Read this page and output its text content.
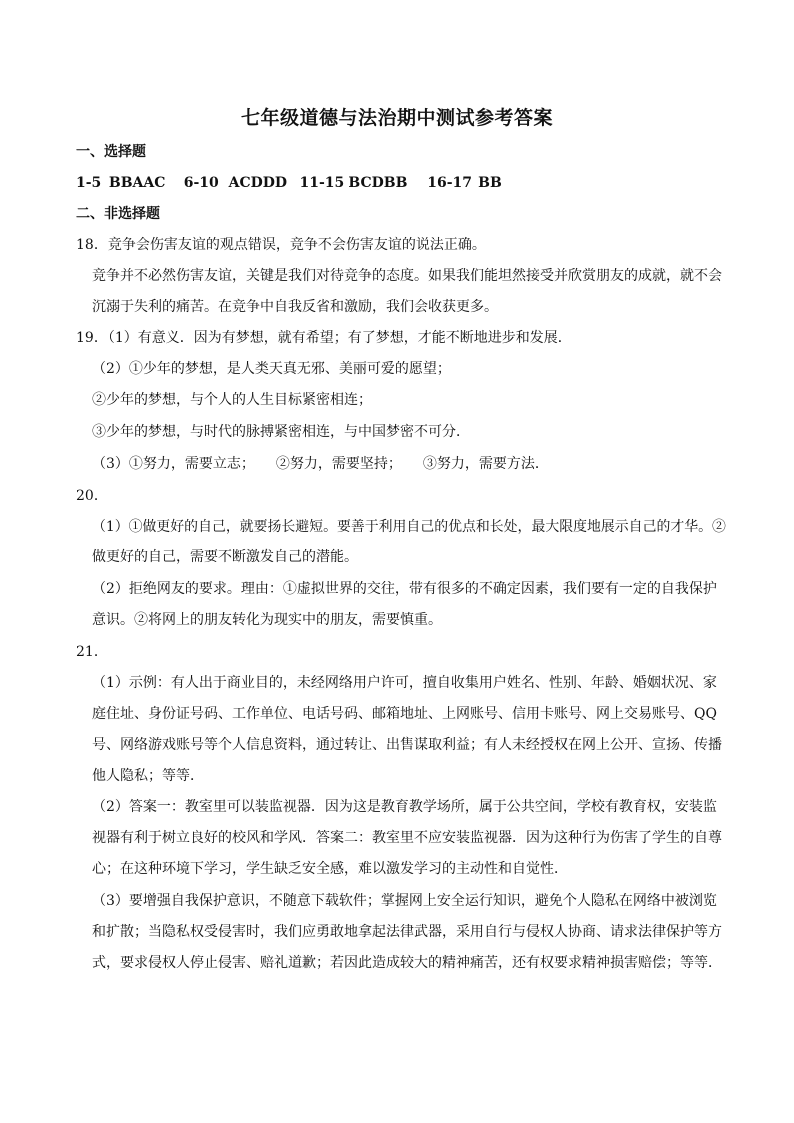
七年级道德与法治期中测试参考答案
一、选择题
1-5 BBAAC 6-10 ACDDD 11-15 BCDBB 16-17 BB
二、非选择题
18．竞争会伤害友谊的观点错误，竞争不会伤害友谊的说法正确。
竞争并不必然伤害友谊，关键是我们对待竞争的态度。如果我们能坦然接受并欣赏朋友的成就，就不会
沉溺于失利的痛苦。在竞争中自我反省和激励，我们会收获更多。
19．（1）有意义．因为有梦想，就有希望；有了梦想，才能不断地进步和发展．
（2）①少年的梦想，是人类天真无邪、美丽可爱的愿望；
②少年的梦想，与个人的人生目标紧密相连；
③少年的梦想，与时代的脉搏紧密相连，与中国梦密不可分．
（3）①努力，需要立志；　　②努力，需要坚持；　　③努力，需要方法．
20．
（1）①做更好的自己，就要扬长避短。要善于利用自己的优点和长处，最大限度地展示自己的才华。②
做更好的自己，需要不断激发自己的潜能。
（2）拒绝网友的要求。理由：①虚拟世界的交往，带有很多的不确定因素，我们要有一定的自我保护
意识。②将网上的朋友转化为现实中的朋友，需要慎重。
21．
（1）示例：有人出于商业目的，未经网络用户许可，擅自收集用户姓名、性别、年龄、婚姻状况、家
庭住址、身份证号码、工作单位、电话号码、邮箱地址、上网账号、信用卡账号、网上交易账号、QQ
号、网络游戏账号等个人信息资料，通过转让、出售谋取利益；有人未经授权在网上公开、宣扬、传播
他人隐私；等等．
（2）答案一：教室里可以装监视器．因为这是教育教学场所，属于公共空间，学校有教育权，安装监
视器有利于树立良好的校风和学风．答案二：教室里不应安装监视器．因为这种行为伤害了学生的自尊
心；在这种环境下学习，学生缺乏安全感，难以激发学习的主动性和自觉性．
（3）要增强自我保护意识，不随意下载软件；掌握网上安全运行知识，避免个人隐私在网络中被浏览
和扩散；当隐私权受侵害时，我们应勇敢地拿起法律武器，采用自行与侵权人协商、请求法律保护等方
式，要求侵权人停止侵害、赔礼道歉；若因此造成较大的精神痛苦，还有权要求精神损害赔偿；等等．
